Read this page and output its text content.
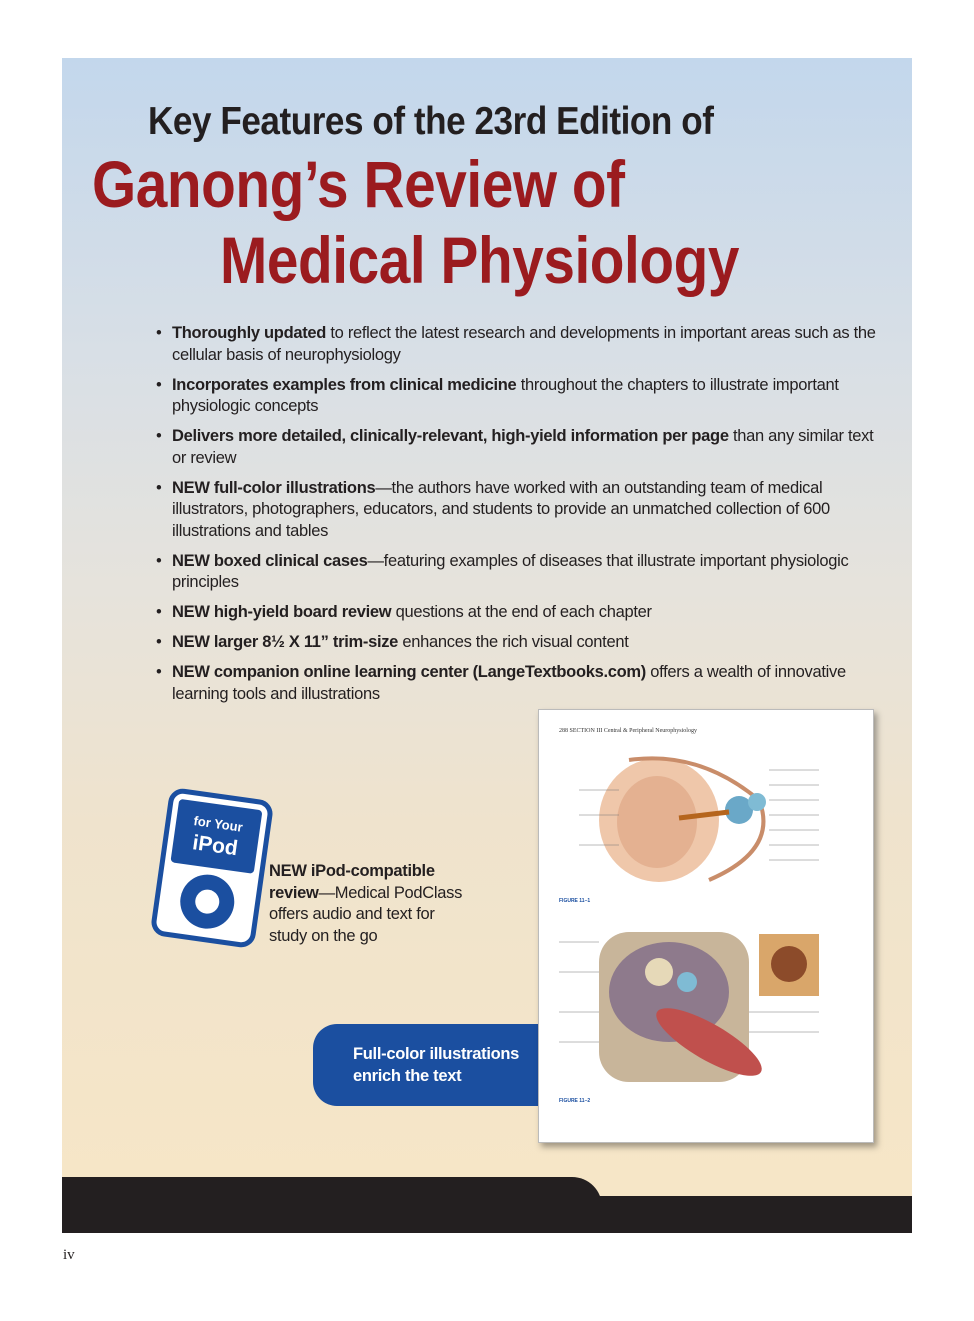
Key Features of the 23rd Edition of
Ganong’s Review of
Medical Physiology
• Thoroughly updated to reflect the latest research and developments in important areas such as the cellular basis of neurophysiology
• Incorporates examples from clinical medicine throughout the chapters to illustrate important physiologic concepts
• Delivers more detailed, clinically-relevant, high-yield information per page than any similar text or review
• NEW full-color illustrations—the authors have worked with an outstanding team of medical illustrators, photographers, educators, and students to provide an unmatched collection of 600 illustrations and tables
• NEW boxed clinical cases—featuring examples of diseases that illustrate important physiologic principles
• NEW high-yield board review questions at the end of each chapter
• NEW larger 8½ X 11” trim-size enhances the rich visual content
• NEW companion online learning center (LangeTextbooks.com) offers a wealth of innovative learning tools and illustrations
for Your
iPod
NEW iPod-compatible review—Medical PodClass offers audio and text for study on the go
Full-color illustrations
enrich the text
288 SECTION III Central & Peripheral Neurophysiology
FIGURE 11–1
FIGURE 11–2
iv
